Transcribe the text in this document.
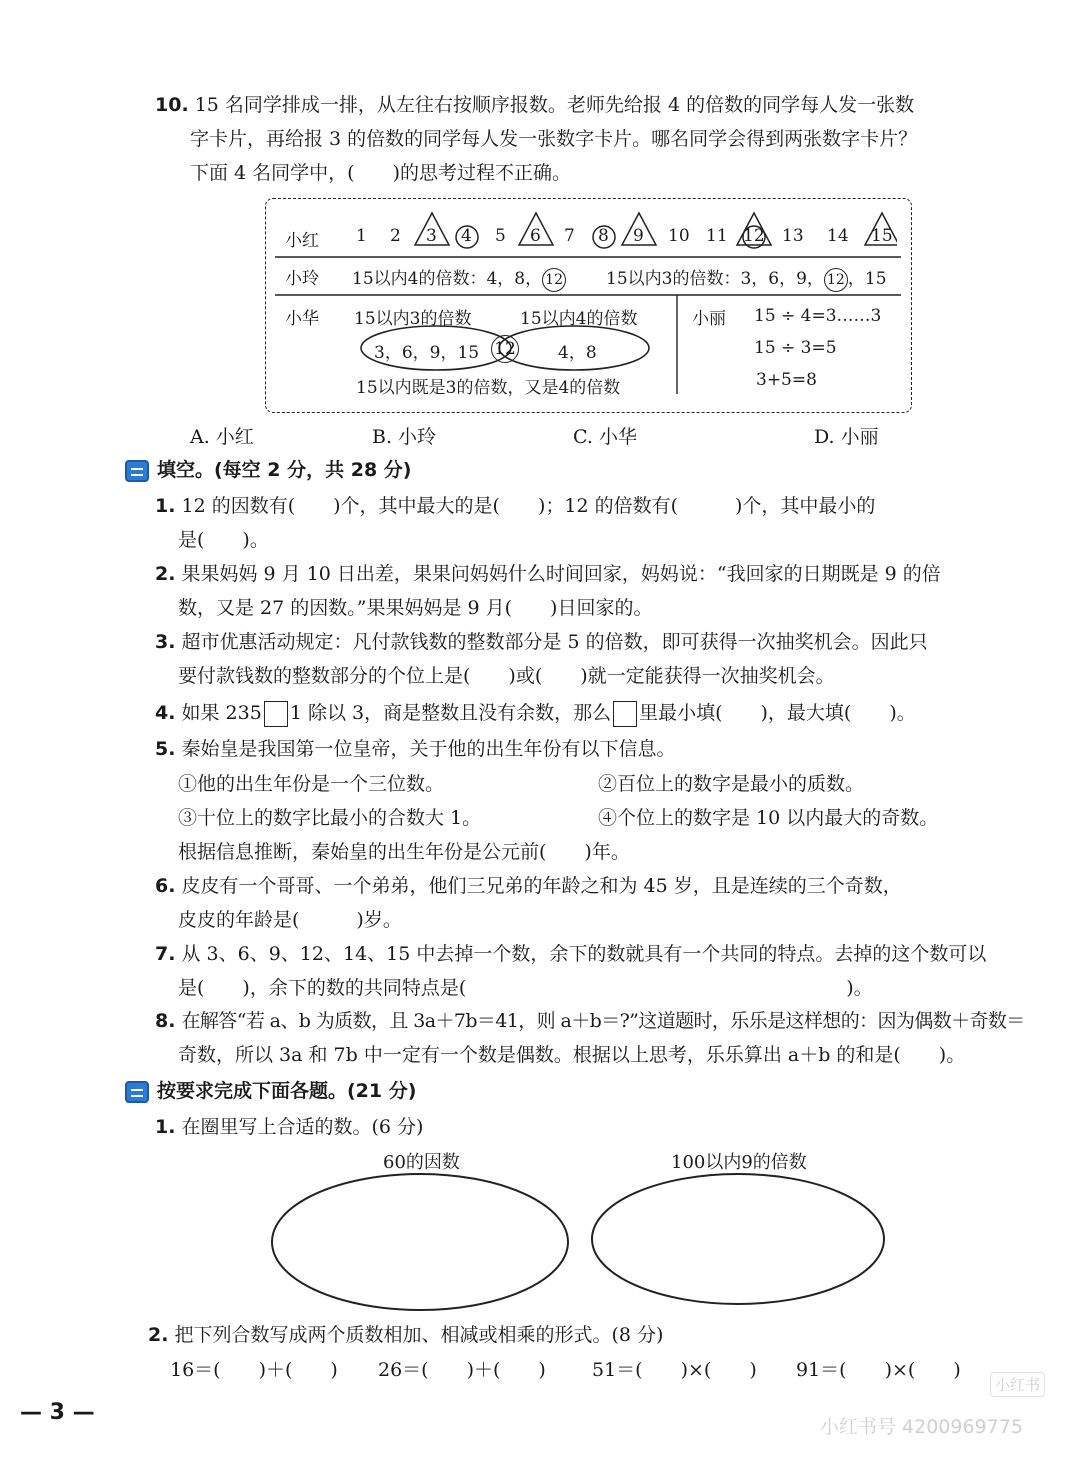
10. 15 名同学排成一排，从左往右按顺序报数。老师先给报 4 的倍数的同学每人发一张数
字卡片，再给报 3 的倍数的同学每人发一张数字卡片。哪名同学会得到两张数字卡片？
下面 4 名同学中，(　　)的思考过程不正确。
小红 1 2 3 4 5 6 7 8 9 10 11 12 13 14 15
小玲 15以内4的倍数：4，8， 12	15以内3的倍数：3，6，9， 12 ，15
小华 15以内3的倍数	15以内4的倍数
3，6，9，15 12 4，8
15以内既是3的倍数，又是4的倍数
小丽 15 ÷ 4=3……3
15 ÷ 3=5
3+5=8
A. 小红	B. 小玲	C. 小华	D. 小丽
填空。(每空 2 分，共 28 分)
1. 12 的因数有(　　)个，其中最大的是(　　)；12 的倍数有(　　　)个，其中最小的
是(　　)。
2. 果果妈妈 9 月 10 日出差，果果问妈妈什么时间回家，妈妈说：“我回家的日期既是 9 的倍
数，又是 27 的因数。”果果妈妈是 9 月(　　)日回家的。
3. 超市优惠活动规定：凡付款钱数的整数部分是 5 的倍数，即可获得一次抽奖机会。因此只
要付款钱数的整数部分的个位上是(　　)或(　　)就一定能获得一次抽奖机会。
4. 如果 235 1 除以 3，商是整数且没有余数，那么 里最小填(　　)，最大填(　　)。
5. 秦始皇是我国第一位皇帝，关于他的出生年份有以下信息。
①他的出生年份是一个三位数。	②百位上的数字是最小的质数。
③十位上的数字比最小的合数大 1。	④个位上的数字是 10 以内最大的奇数。
根据信息推断，秦始皇的出生年份是公元前(　　)年。
6. 皮皮有一个哥哥、一个弟弟，他们三兄弟的年龄之和为 45 岁，且是连续的三个奇数，
皮皮的年龄是(　　　)岁。
7. 从 3、6、9、12、14、15 中去掉一个数，余下的数就具有一个共同的特点。去掉的这个数可以
是(　　)，余下的数的共同特点是(　　　　　　　　　　　　　　　　　　　　)。
8. 在解答“若 a、b 为质数，且 3a＋7b＝41，则 a＋b＝?”这道题时，乐乐是这样想的：因为偶数＋奇数＝
奇数，所以 3a 和 7b 中一定有一个数是偶数。根据以上思考，乐乐算出 a＋b 的和是(　　)。
按要求完成下面各题。(21 分)
1. 在圈里写上合适的数。(6 分)
60的因数	100以内9的倍数
2. 把下列合数写成两个质数相加、相减或相乘的形式。(8 分)
16＝(　　)＋(　　) 26＝(　　)＋(　　) 51＝(　　)×(　　) 91＝(　　)×(　　)
— 3 —
小红书
小红书号 4200969775
